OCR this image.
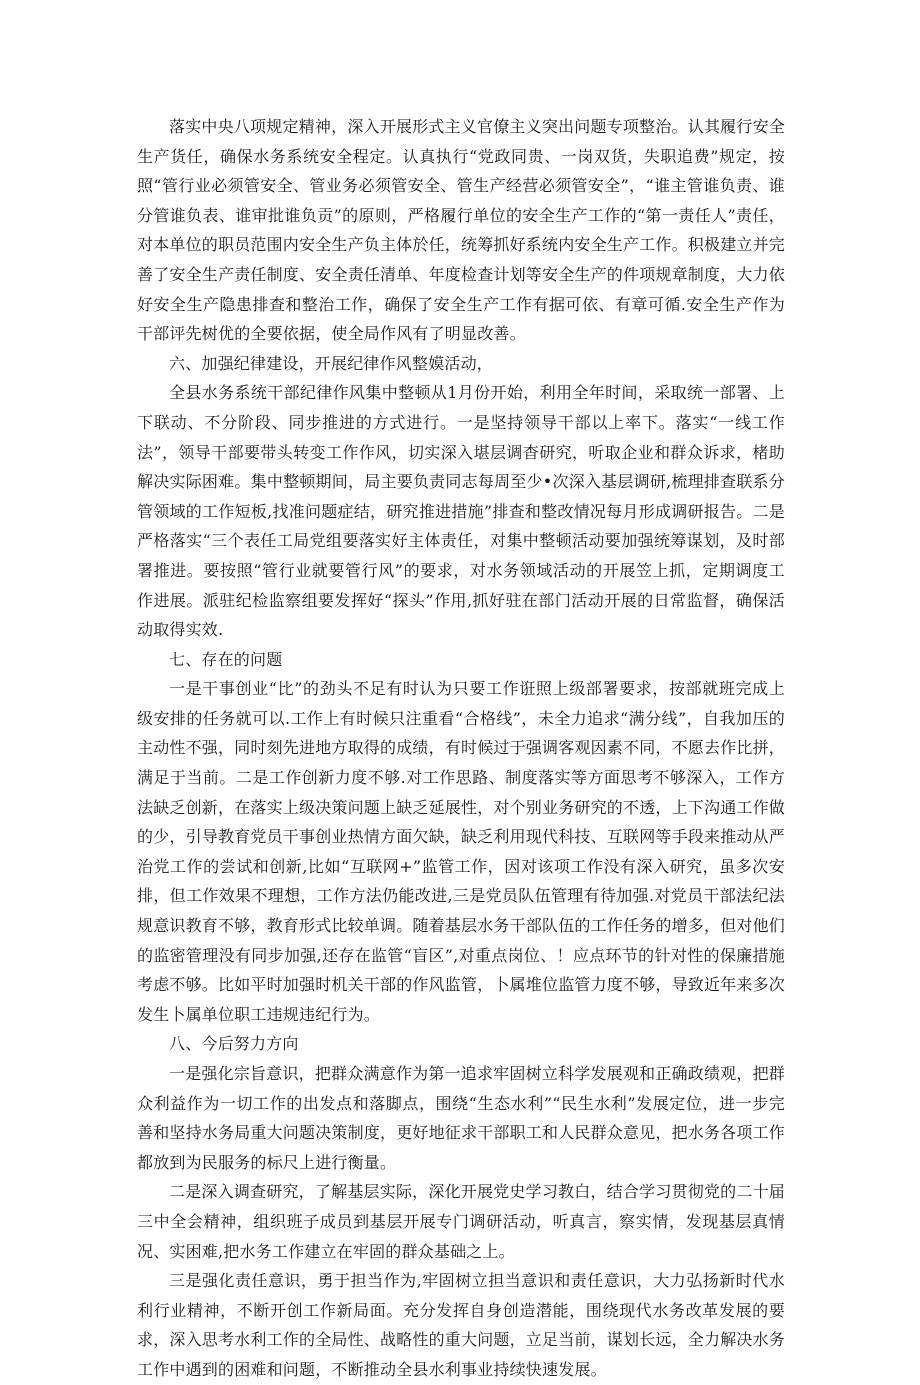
落实中央八项规定精神，深入开展形式主义官僚主义突出问题专项整治。认其履行安全生产货任，确保水务系统安全程定。认真执行“党政同贵、一岗双货，失职追费”规定，按照“管行业必须管安全、管业务必须管安全、管生产经营必须管安全”，“谁主管谁负责、谁分管谁负表、谁审批谁负贡”的原则，严格履行单位的安全生产工作的“第一责任人”责任，对本单位的职员范围内安全生产负主体於任，统筹抓好系统内安全生产工作。积极建立并完善了安全生产责任制度、安全责任清单、年度检查计划等安全生产的件项规章制度，大力依好安全生产隐患排查和整治工作，确保了安全生产工作有据可依、有章可循.安全生产作为干部评先树优的全要依据，使全局作风有了明显改善。

六、加强纪律建设，开展纪律作风整嫫活动，

全县水务系统干部纪律作风集中整顿从1月份开始，利用全年时间，采取统一部署、上下联动、不分阶段、同步推进的方式进行。一是坚持领导干部以上率下。落实“一线工作法”，领导干部要带头转变工作作风，切实深入堪层调杳研究，听取企业和群众诉求，楮助解决实际困难。集中整顿期间，局主要负责同志每周至少•次深入基层调研,梳理排查联系分管领域的工作短板,找准问题症结，研究推进措施”排查和整改情况每月形成调研报告。二是严格落实“三个表任工局党组要落实好主体责任，对集中整顿活动要加强统筹谋划，及时部署推进。要按照“管行业就要管行风”的要求，对水务领域活动的开展笠上抓，定期调度工作进展。派驻纪检监察组要发挥好“探头”作用,抓好驻在部门活动开展的日常监督，确保活动取得实效.

七、存在的问题

一是干事创业“比”的劲头不足有时认为只要工作诳照上级部署要求，按部就班完成上级安排的任务就可以.工作上有时候只注重看“合格线”，未全力追求“满分线”，自我加压的主动性不强，同时刻先进地方取得的成绩，有时候过于强调客观因素不同，不愿去作比拼，满足于当前。二是工作创新力度不够.对工作思路、制度落实等方面思考不够深入，工作方法缺乏创新，在落实上级决策问题上缺乏延展性，对个别业务研究的不透，上下沟通工作做的少，引导教育党员干事创业热情方面欠缺，缺乏利用现代科技、互联网等手段来推动从严治党工作的尝试和创新,比如“互联网+”监管工作，因对该项工作没有深入研究，虽多次安排，但工作效果不理想，工作方法仍能改进,三是党员队伍管理有待加强.对党员干部法纪法规意识教育不够，教育形式比较单调。随着基层水务干部队伍的工作任务的增多，但对他们的监密管理没有同步加强,还存在监管“盲区”,对重点岗位、！应点环节的针对性的保廉措施考虑不够。比如平时加强时机关干部的作风监管，卜属堆位监管力度不够，导致近年来多次发生卜属单位职工违规违纪行为。

八、今后努力方向

一是强化宗旨意识，把群众满意作为第一追求牢固树立科学发展观和正确政绩观，把群众利益作为一切工作的出发点和落脚点，围绕“生态水利”“民生水利”发展定位，进一步完善和坚持水务局重大问题决策制度，更好地征求干部职工和人民群众意见，把水务各项工作都放到为民服务的标尺上进行衡量。

二是深入调查研究，了解基层实际，深化开展党史学习教白，结合学习贯彻党的二十届三中全会精神，组织班子成员到基层开展专门调研活动，听真言，察实情，发现基层真情况、实困难,把水务工作建立在牢固的群众基础之上。

三是强化责任意识，勇于担当作为,牢固树立担当意识和责任意识，大力弘扬新时代水利行业精神，不断开创工作新局面。充分发挥自身创造潜能，围绕现代水务改革发展的要求，深入思考水利工作的全局性、战略性的重大问题，立足当前，谋划长远，全力解决水务工作中遇到的困难和问题，不断推动全县水利事业持续快速发展。
